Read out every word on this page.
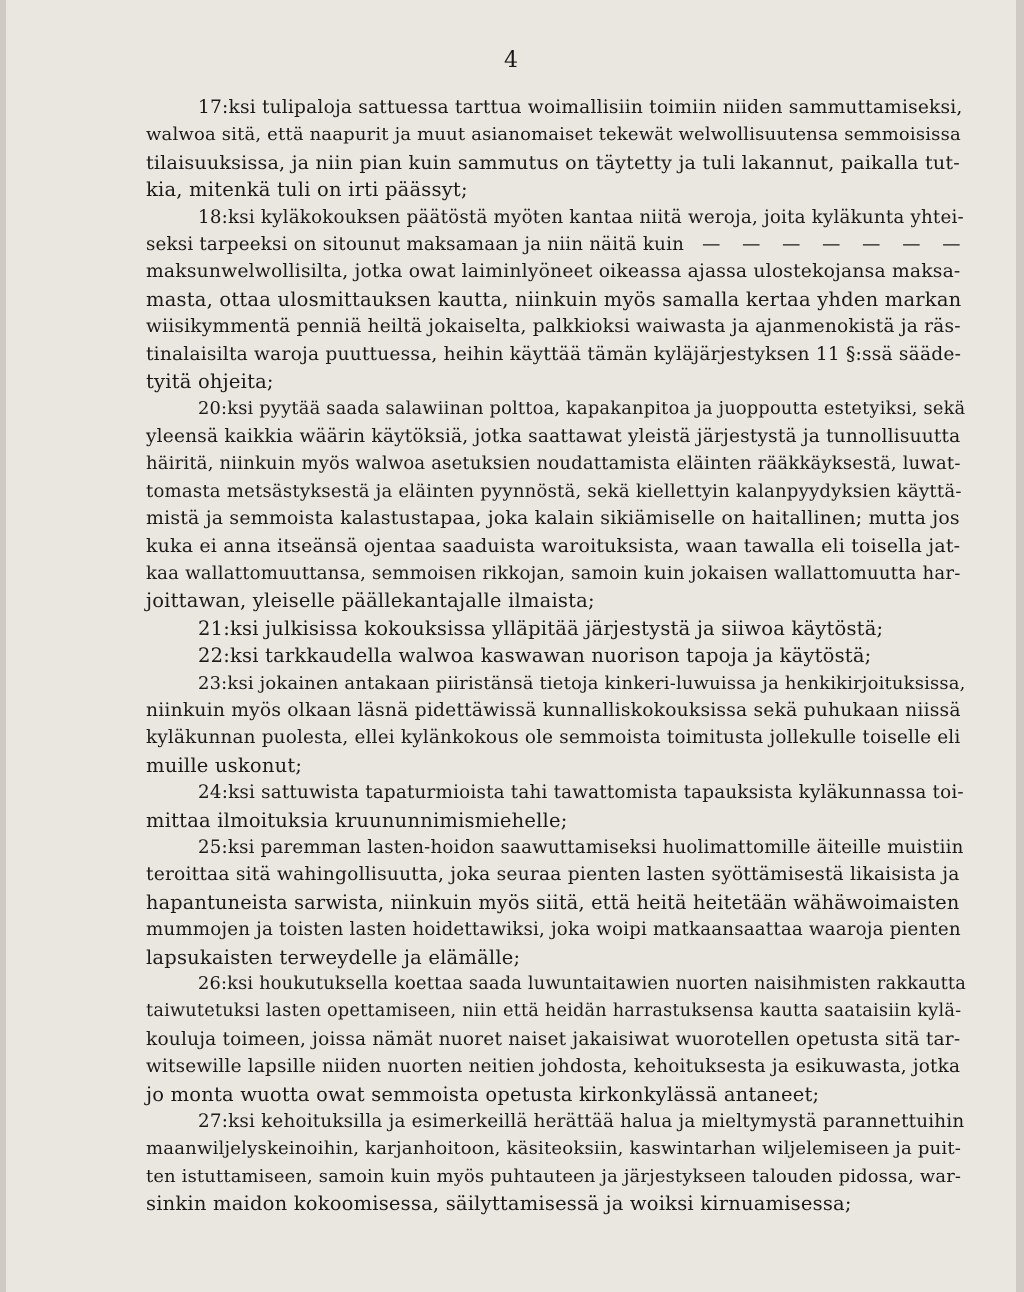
4
17:ksi tulipaloja sattuessa tarttua woimallisiin toimiin niiden sammuttamiseksi,
walwoa sitä, että naapurit ja muut asianomaiset tekewät welwollisuutensa semmoisissa
tilaisuuksissa, ja niin pian kuin sammutus on täytetty ja tuli lakannut, paikalla tut-
kia, mitenkä tuli on irti päässyt;
18:ksi kyläkokouksen päätöstä myöten kantaa niitä weroja, joita kyläkunta yhtei-
seksi tarpeeksi on sitounut maksamaan ja niin näitä kuin — — — — — — —
maksunwelwollisilta, jotka owat laiminlyöneet oikeassa ajassa ulostekojansa maksa-
masta, ottaa ulosmittauksen kautta, niinkuin myös samalla kertaa yhden markan
wiisikymmentä penniä heiltä jokaiselta, palkkioksi waiwasta ja ajanmenokistä ja räs-
tinalaisilta waroja puuttuessa, heihin käyttää tämän kyläjärjestyksen 11 §:ssä sääde-
tyitä ohjeita;
20:ksi pyytää saada salawiinan polttoa, kapakanpitoa ja juoppoutta estetyiksi, sekä
yleensä kaikkia wäärin käytöksiä, jotka saattawat yleistä järjestystä ja tunnollisuutta
häiritä, niinkuin myös walwoa asetuksien noudattamista eläinten rääkkäyksestä, luwat-
tomasta metsästyksestä ja eläinten pyynnöstä, sekä kiellettyin kalanpyydyksien käyttä-
mistä ja semmoista kalastustapaa, joka kalain sikiämiselle on haitallinen; mutta jos
kuka ei anna itseänsä ojentaa saaduista waroituksista, waan tawalla eli toisella jat-
kaa wallattomuuttansa, semmoisen rikkojan, samoin kuin jokaisen wallattomuutta har-
joittawan, yleiselle päällekantajalle ilmaista;
21:ksi julkisissa kokouksissa ylläpitää järjestystä ja siiwoa käytöstä;
22:ksi tarkkaudella walwoa kaswawan nuorison tapoja ja käytöstä;
23:ksi jokainen antakaan piiristänsä tietoja kinkeri-luwuissa ja henkikirjoituksissa,
niinkuin myös olkaan läsnä pidettäwissä kunnalliskokouksissa sekä puhukaan niissä
kyläkunnan puolesta, ellei kylänkokous ole semmoista toimitusta jollekulle toiselle eli
muille uskonut;
24:ksi sattuwista tapaturmioista tahi tawattomista tapauksista kyläkunnassa toi-
mittaa ilmoituksia kruununnimismiehelle;
25:ksi paremman lasten-hoidon saawuttamiseksi huolimattomille äiteille muistiin
teroittaa sitä wahingollisuutta, joka seuraa pienten lasten syöttämisestä likaisista ja
hapantuneista sarwista, niinkuin myös siitä, että heitä heitetään wähäwoimaisten
mummojen ja toisten lasten hoidettawiksi, joka woipi matkaansaattaa waaroja pienten
lapsukaisten terweydelle ja elämälle;
26:ksi houkutuksella koettaa saada luwuntaitawien nuorten naisihmisten rakkautta
taiwutetuksi lasten opettamiseen, niin että heidän harrastuksensa kautta saataisiin kylä-
kouluja toimeen, joissa nämät nuoret naiset jakaisiwat wuorotellen opetusta sitä tar-
witsewille lapsille niiden nuorten neitien johdosta, kehoituksesta ja esikuwasta, jotka
jo monta wuotta owat semmoista opetusta kirkonkylässä antaneet;
27:ksi kehoituksilla ja esimerkeillä herättää halua ja mieltymystä parannettuihin
maanwiljelyskeinoihin, karjanhoitoon, käsiteoksiin, kaswintarhan wiljelemiseen ja puit-
ten istuttamiseen, samoin kuin myös puhtauteen ja järjestykseen talouden pidossa, war-
sinkin maidon kokoomisessa, säilyttamisessä ja woiksi kirnuamisessa;
